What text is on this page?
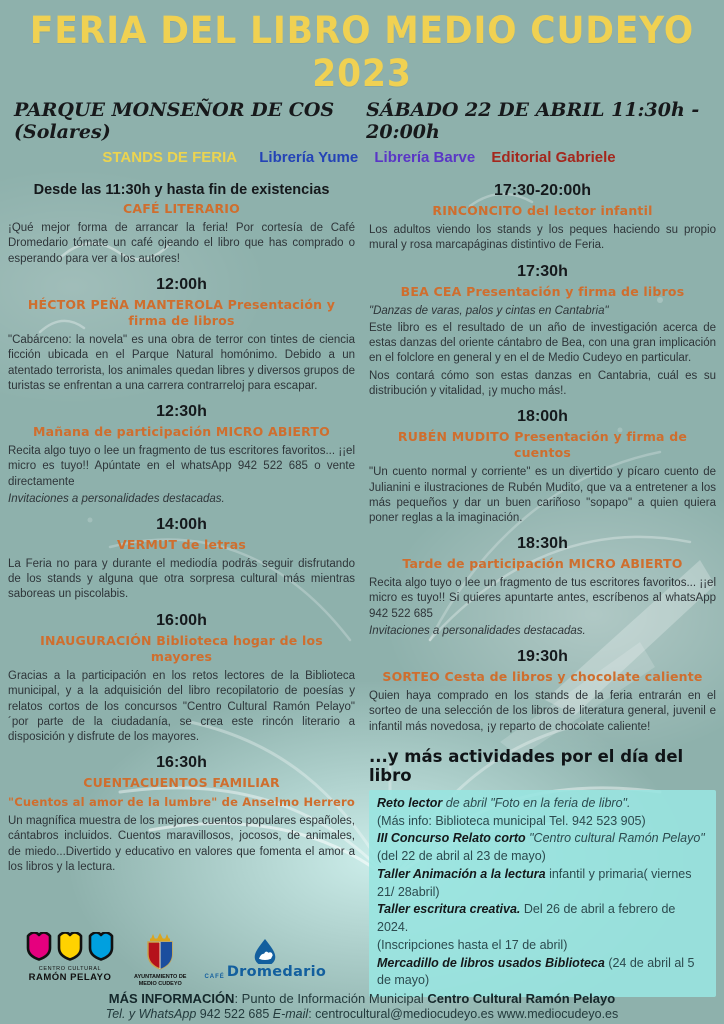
FERIA DEL LIBRO MEDIO CUDEYO 2023
PARQUE MONSEÑOR DE COS (Solares)
SÁBADO 22 DE ABRIL 11:30h - 20:00h
STANDS DE FERIA Librería Yume Librería Barve Editorial Gabriele
Desde las 11:30h y hasta fin de existencias
CAFÉ LITERARIO

¡Qué mejor forma de arrancar la feria! Por cortesía de Café Dromedario tómate un café ojeando el libro que has comprado o esperando para ver a los autores!

12:00h
HÉCTOR PEÑA MANTEROLA Presentación y firma de libros

"Cabárceno: la novela" es una obra de terror con tintes de ciencia ficción ubicada en el Parque Natural homónimo. Debido a un atentado terrorista, los animales quedan libres y diversos grupos de turistas se enfrentan a una carrera contrarreloj para escapar.

12:30h
Mañana de participación MICRO ABIERTO

Recita algo tuyo o lee un fragmento de tus escritores favoritos... ¡¡el micro es tuyo!! Apúntate en el whatsApp 942 522 685 o vente directamente

Invitaciones a personalidades destacadas.

14:00h
VERMUT de letras

La Feria no para y durante el mediodía podrás seguir disfrutando de los stands y alguna que otra sorpresa cultural más mientras saboreas un piscolabis.

16:00h
INAUGURACIÓN Biblioteca hogar de los mayores

Gracias a la participación en los retos lectores de la Biblioteca municipal, y a la adquisición del libro recopilatorio de poesías y relatos cortos de los concursos "Centro Cultural Ramón Pelayo" ´por parte de la ciudadanía, se crea este rincón literario a disposición y disfrute de los mayores.

16:30h
CUENTACUENTOS FAMILIAR
"Cuentos al amor de la lumbre" de Anselmo Herrero

Un magnífica muestra de los mejores cuentos populares españoles, cántabros incluidos. Cuentos maravillosos, jocosos, de animales, de miedo...Divertido y educativo en valores que fomenta el amor a los libros y la lectura.

17:30-20:00h
RINCONCITO del lector infantil

Los adultos viendo los stands y los peques haciendo su propio mural y rosa marcapáginas distintivo de Feria.

17:30h
BEA CEA Presentación y firma de libros

"Danzas de varas, palos y cintas en Cantabria"

Este libro es el resultado de un año de investigación acerca de estas danzas del oriente cántabro de Bea, con una gran implicación en el folclore en general y en el de Medio Cudeyo en particular.

Nos contará cómo son estas danzas en Cantabria, cuál es su distribución y vitalidad, ¡y mucho más!.

18:00h
RUBÉN MUDITO Presentación y firma de cuentos

"Un cuento normal y corriente" es un divertido y pícaro cuento de Julianini e ilustraciones de Rubén Mudito, que va a entretener a los más pequeños y dar un buen cariñoso "sopapo" a quien quiera poner reglas a la imaginación.

18:30h
Tarde de participación MICRO ABIERTO

Recita algo tuyo o lee un fragmento de tus escritores favoritos... ¡¡el micro es tuyo!! Si quieres apuntarte antes, escríbenos al whatsApp 942 522 685

Invitaciones a personalidades destacadas.

19:30h
SORTEO Cesta de libros y chocolate caliente

Quien haya comprado en los stands de la feria entrarán en el sorteo de una selección de los libros de literatura general, juvenil e infantil más novedosa, ¡y reparto de chocolate caliente!

...y más actividades por el día del libro

Reto lector de abril "Foto en la feria de libro".

(Más info: Biblioteca municipal Tel. 942 523 905)

III Concurso Relato corto "Centro cultural Ramón Pelayo"

(del 22 de abril al 23 de mayo)

Taller Animación a la lectura infantil y primaria( viernes 21/ 28abril)

Taller escritura creativa. Del 26 de abril a febrero de 2024.

(Inscripciones hasta el 17 de abril)

Mercadillo de libros usados Biblioteca (24 de abril al 5 de mayo)

CENTRO CULTURAL
RAMÓN PELAYO	AYUNTAMIENTO DE
MEDIO CUDEYO
CAFÉ Dromedario
MÁS INFORMACIÓN: Punto de Información Municipal Centro Cultural Ramón Pelayo
Tel. y WhatsApp 942 522 685 E-mail: centrocultural@mediocudeyo.es www.mediocudeyo.es
